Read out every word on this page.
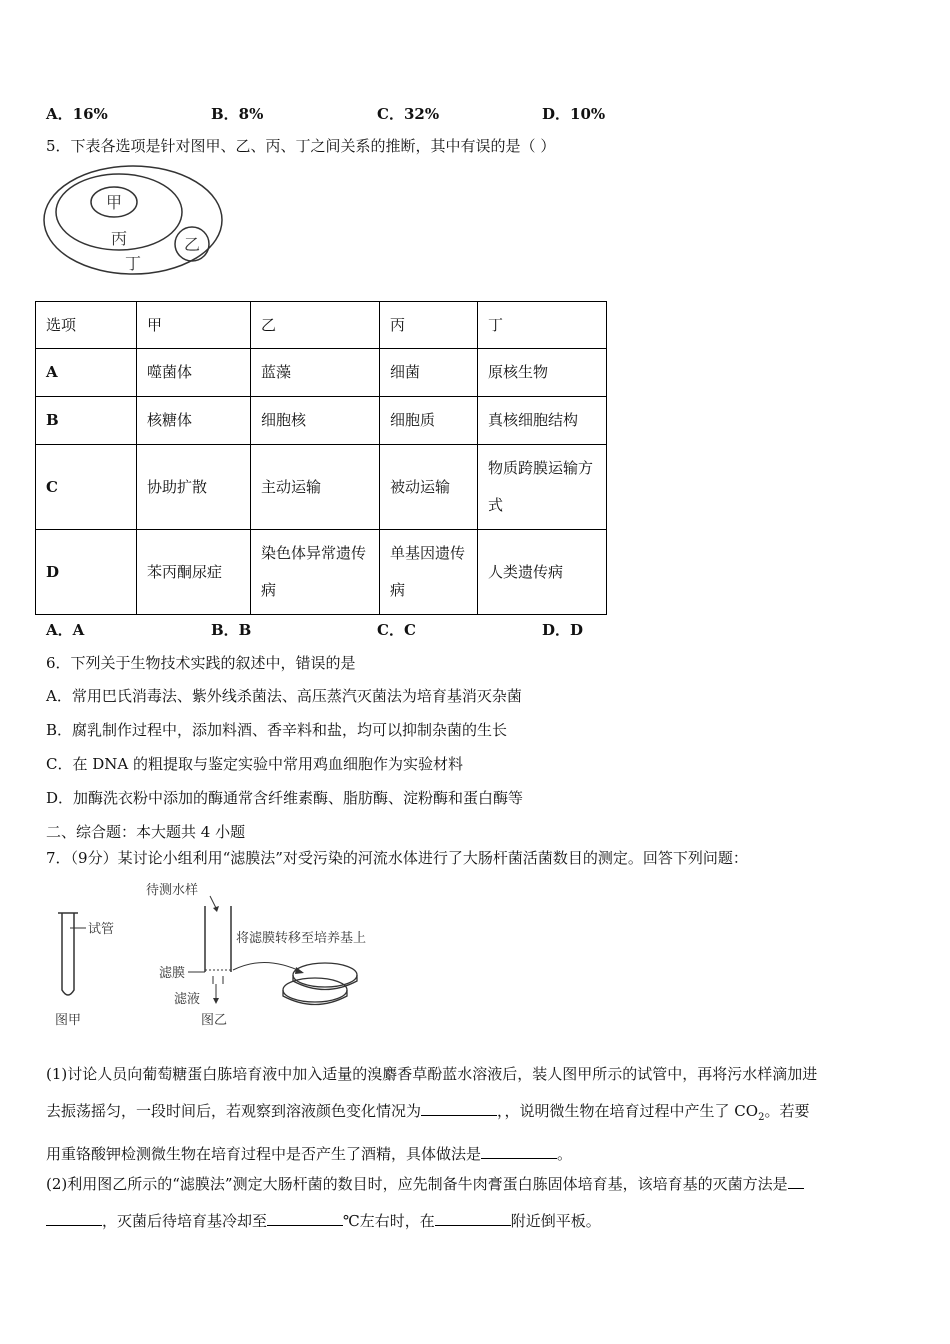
A．16%	B．8%	C．32%	D．10%
5．下表各选项是针对图甲、乙、丙、丁之间关系的推断，其中有误的是（ ）
甲
丙	乙
丁
选项	甲	乙	丙	丁
A	噬菌体	蓝藻	细菌	原核生物
B	核糖体	细胞核	细胞质	真核细胞结构
C	协助扩散	主动运输	被动运输	物质跨膜运输方式
D	苯丙酮尿症	染色体异常遗传病	单基因遗传病	人类遗传病
A．A	B．B	C．C	D．D
6．下列关于生物技术实践的叙述中，错误的是
A．常用巴氏消毒法、紫外线杀菌法、高压蒸汽灭菌法为培育基消灭杂菌
B．腐乳制作过程中，添加料酒、香辛料和盐，均可以抑制杂菌的生长
C．在 DNA 的粗提取与鉴定实验中常用鸡血细胞作为实验材料
D．加酶洗衣粉中添加的酶通常含纤维素酶、脂肪酶、淀粉酶和蛋白酶等
二、综合题：本大题共 4 小题
7．（9分）某讨论小组利用“滤膜法”对受污染的河流水体进行了大肠杆菌活菌数目的测定。回答下列问题：
试管
图甲
待测水样
将滤膜转移至培养基上
滤膜
滤液
图乙
(1)讨论人员向葡萄糖蛋白胨培育液中加入适量的溴麝香草酚蓝水溶液后，装人图甲所示的试管中，再将污水样滴加进
去振荡摇匀，一段时间后，若观察到溶液颜色变化情况为	，，说明微生物在培育过程中产生了 $CO_2$。若要
用重铬酸钾检测微生物在培育过程中是否产生了酒精，具体做法是	。
(2)利用图乙所示的“滤膜法”测定大肠杆菌的数目时，应先制备牛肉膏蛋白胨固体培育基，该培育基的灭菌方法是
，灭菌后待培育基冷却至	℃左右时，在	附近倒平板。
